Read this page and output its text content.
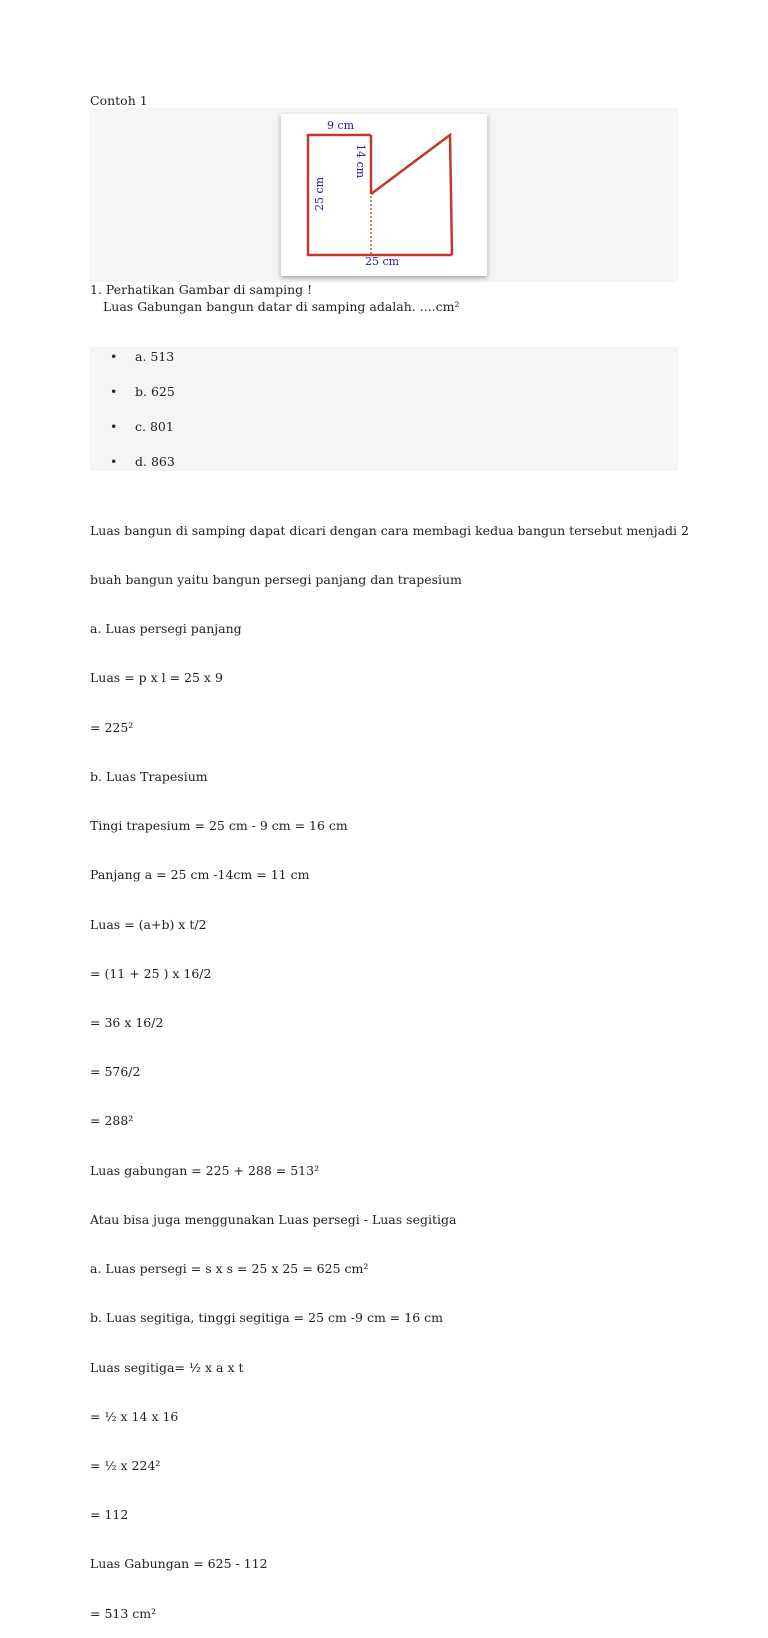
Contoh 1
9 cm
14 cm
25 cm
25 cm
1. Perhatikan Gambar di samping !
Luas Gabungan bangun datar di samping adalah. ....cm²
• a. 513
• b. 625
• c. 801
• d. 863

Luas bangun di samping dapat dicari dengan cara membagi kedua bangun tersebut menjadi 2

buah bangun yaitu bangun persegi panjang dan trapesium

a. Luas persegi panjang

Luas = p x l = 25 x 9

= 225²

b. Luas Trapesium

Tingi trapesium = 25 cm - 9 cm = 16 cm

Panjang a = 25 cm -14cm = 11 cm

Luas = (a+b) x t/2

= (11 + 25 ) x 16/2

= 36 x 16/2

= 576/2

= 288²

Luas gabungan = 225 + 288 = 513²

Atau bisa juga menggunakan Luas persegi - Luas segitiga

a. Luas persegi = s x s = 25 x 25 = 625 cm²

b. Luas segitiga, tinggi segitiga = 25 cm -9 cm = 16 cm

Luas segitiga= ½ x a x t

= ½ x 14 x 16

= ½ x 224²

= 112

Luas Gabungan = 625 - 112

= 513 cm²
